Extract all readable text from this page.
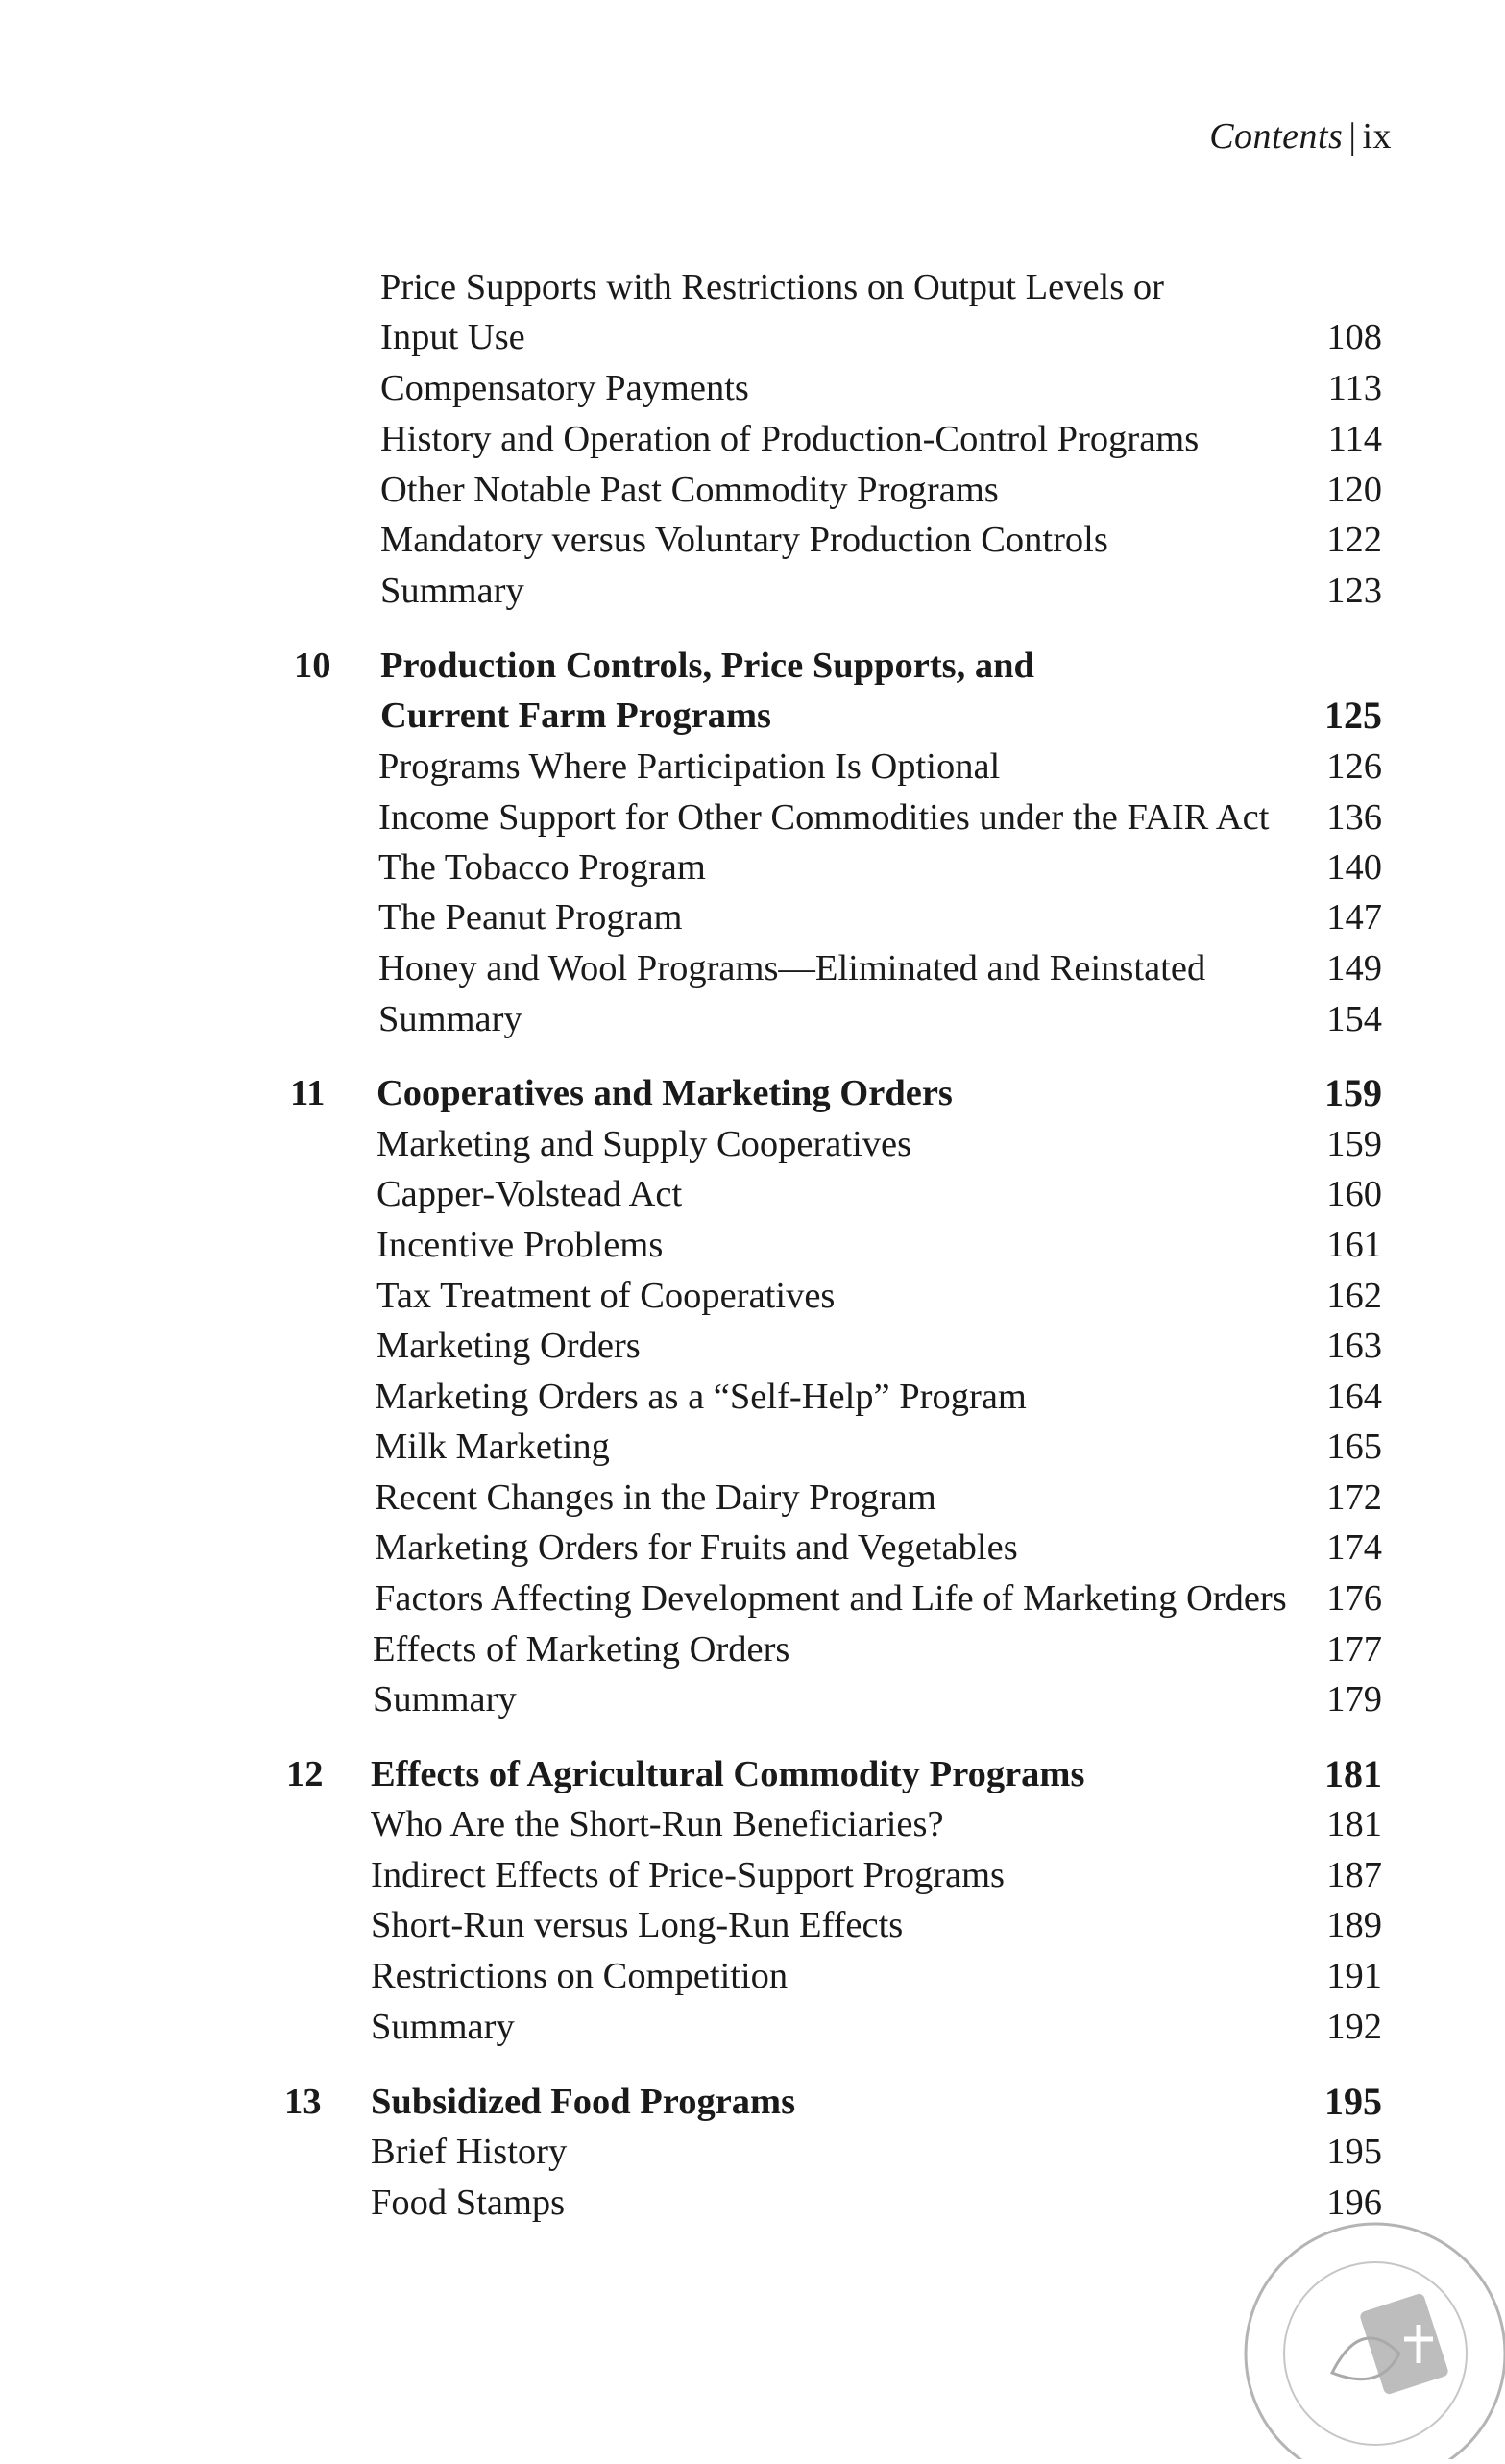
Contents | ix
Price Supports with Restrictions on Output Levels or
Input Use	108
Compensatory Payments	113
History and Operation of Production-Control Programs	114
Other Notable Past Commodity Programs	120
Mandatory versus Voluntary Production Controls	122
Summary	123
10	Production Controls, Price Supports, and
Current Farm Programs	125
Programs Where Participation Is Optional	126
Income Support for Other Commodities under the FAIR Act 136
The Tobacco Program	140
The Peanut Program	147
Honey and Wool Programs—Eliminated and Reinstated	149
Summary	154
11	Cooperatives and Marketing Orders	159
Marketing and Supply Cooperatives	159
Capper-Volstead Act	160
Incentive Problems	161
Tax Treatment of Cooperatives	162
Marketing Orders	163
Marketing Orders as a “Self-Help” Program	164
Milk Marketing	165
Recent Changes in the Dairy Program	172
Marketing Orders for Fruits and Vegetables	174
Factors Affecting Development and Life of Marketing Orders 176
Effects of Marketing Orders	177
Summary	179
12	Effects of Agricultural Commodity Programs	181
Who Are the Short-Run Beneficiaries?	181
Indirect Effects of Price-Support Programs	187
Short-Run versus Long-Run Effects	189
Restrictions on Competition	191
Summary	192
13	Subsidized Food Programs	195
Brief History	195
Food Stamps	196
